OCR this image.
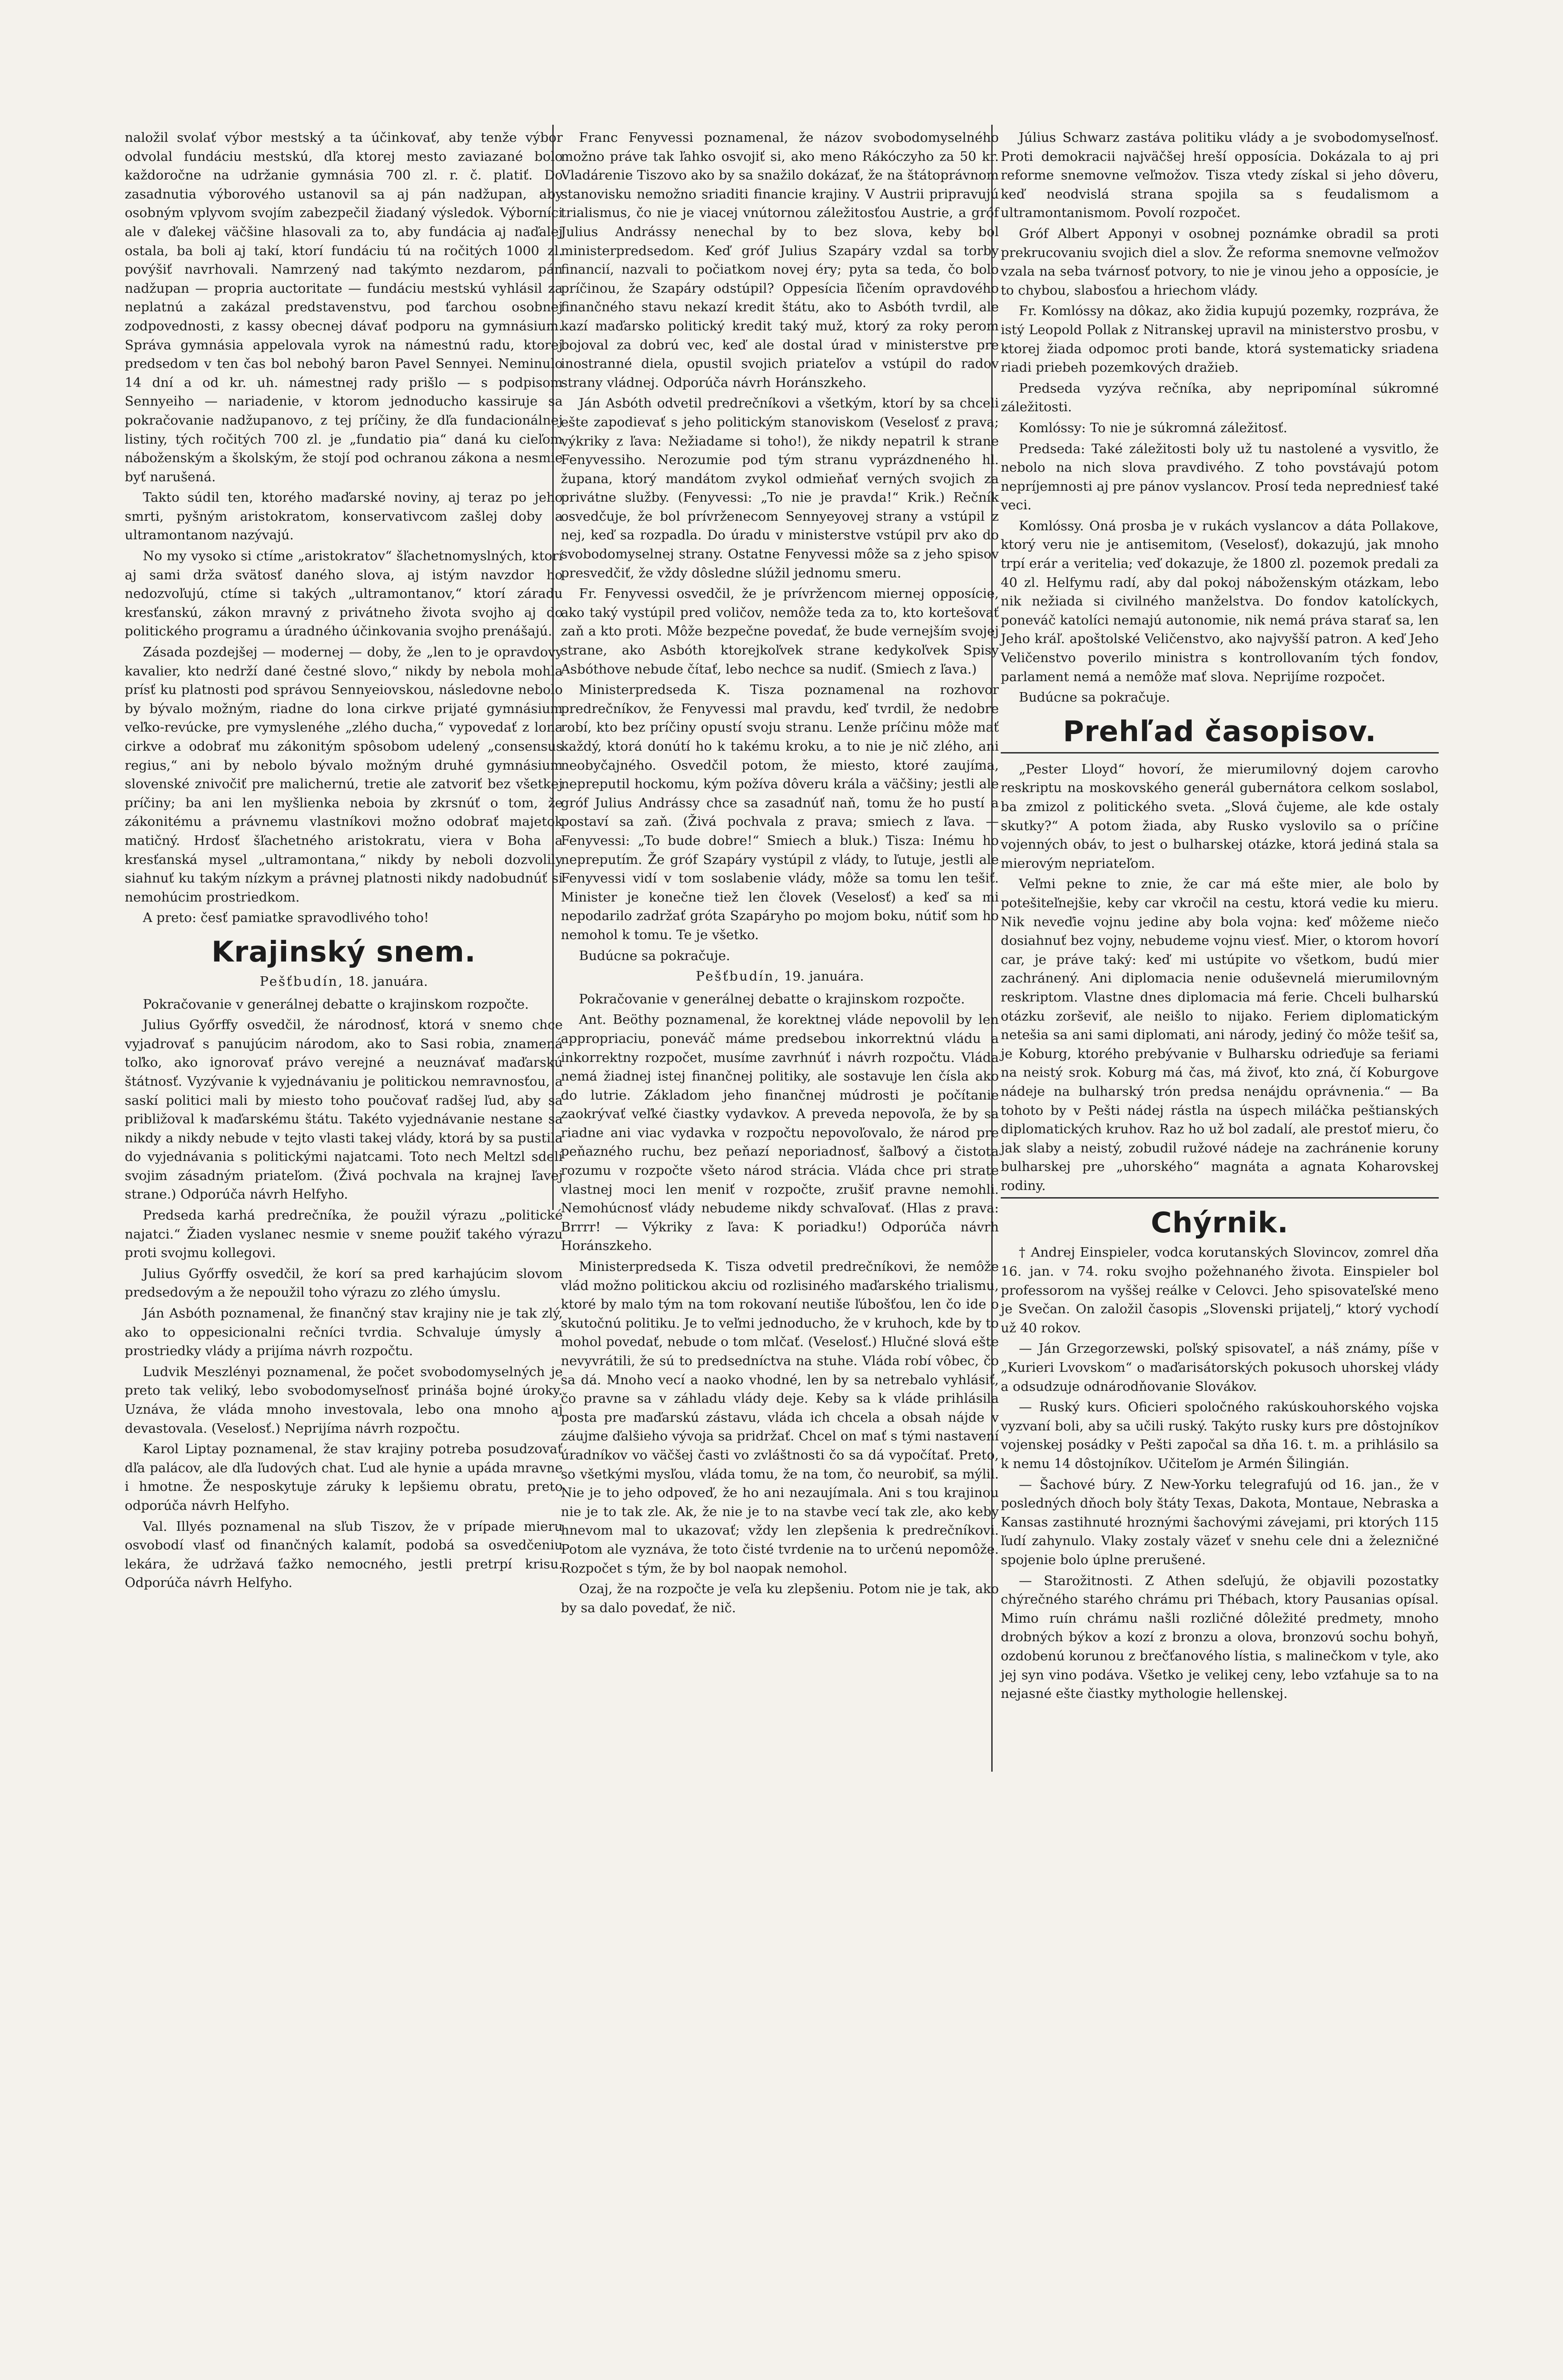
naložil svolať výbor mestský a ta účinkovať, aby tenže výbor odvolal fundáciu mestskú, dľa ktorej mesto zaviazané bolo každoročne na udržanie gymnásia 700 zl. r. č. platiť. Do zasadnutia výborového ustanovil sa aj pán nadžupan, aby osobným vplyvom svojím zabezpečil žiadaný výsledok. Výborníci ale v ďalekej väčšine hlasovali za to, aby fundácia aj naďalej ostala, ba boli aj takí, ktorí fundáciu tú na ročitých 1000 zl. povýšiť navrhovali. Namrzený nad takýmto nezdarom, pán nadžupan — propria auctoritate — fundáciu mestskú vyhlásil za neplatnú a zakázal predstavenstvu, pod ťarchou osobnej zodpovednosti, z kassy obecnej dávať podporu na gymnásium. Správa gymnásia appelovala vyrok na námestnú radu, ktorej predsedom v ten čas bol nebohý baron Pavel Sennyei. Neminulo 14 dní a od kr. uh. námestnej rady prišlo — s podpisom Sennyeiho — nariadenie, v ktorom jednoducho kassiruje sa pokračovanie nadžupanovo, z tej príčiny, že dľa fundacionálnej listiny, tých ročitých 700 zl. je „fundatio pia“ daná ku cieľom náboženským a školským, že stojí pod ochranou zákona a nesmie byť narušená.

Takto súdil ten, ktorého maďarské noviny, aj teraz po jeho smrti, pyšným aristokratom, konservativcom zašlej doby a ultramontanom nazývajú.

No my vysoko si ctíme „aristokratov“ šľachetnomyslných, ktorí aj sami drža svätosť daného slova, aj istým navzdor ho nedozvoľujú, ctíme si takých „ultramontanov,“ ktorí záradu kresťanskú, zákon mravný z privátneho života svojho aj do politického programu a úradného účinkovania svojho prenášajú.

Zásada pozdejšej — modernej — doby, že „len to je opravdovy kavalier, kto nedrží dané čestné slovo,“ nikdy by nebola mohla prísť ku platnosti pod správou Sennyeiovskou, následovne nebolo by bývalo možným, riadne do lona cirkve prijaté gymnásium veľko-revúcke, pre vymyslenéhe „zlého ducha,“ vypovedať z lona cirkve a odobrať mu zákonitým spôsobom udelený „consensus regius,“ ani by nebolo bývalo možným druhé gymnásium slovenské znivočiť pre malichernú, tretie ale zatvoriť bez všetkej príčiny; ba ani len myšlienka neboia by zkrsnúť o tom, že zákonitému a právnemu vlastníkovi možno odobrať majetok matičný. Hrdosť šľachetného aristokratu, viera v Boha a kresťanská mysel „ultramontana,“ nikdy by neboli dozvolily siahnuť ku takým nízkym a právnej platnosti nikdy nadobudnúť si nemohúcim prostriedkom.

A preto: česť pamiatke spravodlivého toho!

Krajinský snem.

Pešťbudín, 18. januára.

Pokračovanie v generálnej debatte o krajinskom rozpočte.

Julius Győrffy osvedčil, že národnosť, ktorá v snemo chce vyjadrovať s panujúcim národom, ako to Sasi robia, znamená toľko, ako ignorovať právo verejné a neuznávať maďarskú štátnosť. Vyzývanie k vyjednávaniu je politickou nemravnosťou, a saskí politici mali by miesto toho poučovať radšej ľud, aby sa približoval k maďarskému štátu. Takéto vyjednávanie nestane sa nikdy a nikdy nebude v tejto vlasti takej vlády, ktorá by sa pustila do vyjednávania s politickými najatcami. Toto nech Meltzl sdelí svojim zásadným priateľom. (Živá pochvala na krajnej ľavej strane.) Odporúča návrh Helfyho.

Predseda karhá predrečníka, že použil výrazu „politické najatci.“ Žiaden vyslanec nesmie v sneme použiť takého výrazu proti svojmu kollegovi.

Julius Győrffy osvedčil, že korí sa pred karhajúcim slovom predsedovým a že nepoužil toho výrazu zo zlého úmyslu.

Ján Asbóth poznamenal, že finančný stav krajiny nie je tak zlý, ako to oppesicionalni rečníci tvrdia. Schvaluje úmysly a prostriedky vlády a prijíma návrh rozpočtu.

Ludvik Meszlényi poznamenal, že počet svobodomyselných je preto tak veliký, lebo svobodomyseľnosť prináša bojné úroky. Uznáva, že vláda mnoho investovala, lebo ona mnoho aj devastovala. (Veselosť.) Neprijíma návrh rozpočtu.

Karol Liptay poznamenal, že stav krajiny potreba posudzovať dľa palácov, ale dľa ľudových chat. Ľud ale hynie a upáda mravne i hmotne. Že nesposkytuje záruky k lepšiemu obratu, preto odporúča návrh Helfyho.

Val. Illyés poznamenal na sľub Tiszov, že v prípade mieru osvobodí vlasť od finančných kalamít, podobá sa osvedčeniu lekára, že udržavá ťažko nemocného, jestli pretrpí krisu. Odporúča návrh Helfyho.

Franc Fenyvessi poznamenal, že názov svobodomyselného možno práve tak ľahko osvojiť si, ako meno Rákóczyho za 50 kr. Vladárenie Tiszovo ako by sa snažilo dokázať, že na štátoprávnom stanovisku nemožno sriaditi financie krajiny. V Austrii pripravujú trialismus, čo nie je viacej vnútornou záležitosťou Austrie, a gróf Julius Andrássy nenechal by to bez slova, keby bol ministerpredsedom. Keď gróf Julius Szapáry vzdal sa torby financií, nazvali to počiatkom novej éry; pyta sa teda, čo bolo príčinou, že Szapáry odstúpil? Oppesícia ľičením opravdového finančného stavu nekazí kredit štátu, ako to Asbóth tvrdil, ale kazí maďarsko politický kredit taký muž, ktorý za roky perom bojoval za dobrú vec, keď ale dostal úrad v ministerstve pre inostranné diela, opustil svojich priateľov a vstúpil do radov strany vládnej. Odporúča návrh Horánszkeho.

Ján Asbóth odvetil predrečníkovi a všetkým, ktorí by sa chceli ešte zapodievať s jeho politickým stanoviskom (Veselosť z prava; výkriky z ľava: Nežiadame si toho!), že nikdy nepatril k strane Fenyvessiho. Nerozumie pod tým stranu vyprázdneného hl. župana, ktorý mandátom zvykol odmieňať verných svojich za privátne služby. (Fenyvessi: „To nie je pravda!“ Krik.) Rečník osvedčuje, že bol prívrženecom Sennyeyovej strany a vstúpil z nej, keď sa rozpadla. Do úradu v ministerstve vstúpil prv ako do svobodomyselnej strany. Ostatne Fenyvessi môže sa z jeho spisov presvedčiť, že vždy dôsledne slúžil jednomu smeru.

Fr. Fenyvessi osvedčil, že je prívržencom miernej opposície, ako taký vystúpil pred voličov, nemôže teda za to, kto kortešovať zaň a kto proti. Môže bezpečne povedať, že bude vernejším svojej strane, ako Asbóth ktorejkoľvek strane kedykoľvek Spisy Asbóthove nebude čítať, lebo nechce sa nudiť. (Smiech z ľava.)

Ministerpredseda K. Tisza poznamenal na rozhovor predrečníkov, že Fenyvessi mal pravdu, keď tvrdil, že nedobre robí, kto bez príčiny opustí svoju stranu. Lenže príčinu môže mať každý, ktorá donútí ho k takému kroku, a to nie je nič zlého, ani neobyčajného. Osvedčil potom, že miesto, ktoré zaujíma, nepreputil hockomu, kým požíva dôveru krála a väčšiny; jestli ale gróf Julius Andrássy chce sa zasadnúť naň, tomu že ho pustí a postaví sa zaň. (Živá pochvala z prava; smiech z ľava. — Fenyvessi: „To bude dobre!“ Smiech a bluk.) Tisza: Inému ho nepreputím. Že gróf Szapáry vystúpil z vlády, to ľutuje, jestli ale Fenyvessi vidí v tom soslabenie vlády, môže sa tomu len tešiť. Minister je konečne tiež len človek (Veselosť) a keď sa mi nepodarilo zadržať gróta Szapáryho po mojom boku, nútiť som ho nemohol k tomu. Te je všetko.

Budúcne sa pokračuje.

Pešťbudín, 19. januára.

Pokračovanie v generálnej debatte o krajinskom rozpočte.

Ant. Beöthy poznamenal, že korektnej vláde nepovolil by len appropriaciu, poneváč máme predsebou inkorrektnú vládu a inkorrektny rozpočet, musíme zavrhnúť i návrh rozpočtu. Vláda nemá žiadnej istej finančnej politiky, ale sostavuje len čísla ako do lutrie. Základom jeho finančnej múdrosti je počítanie zaokrývať veľké čiastky vydavkov. A preveda nepovoľa, že by sa riadne ani viac vydavka v rozpočtu nepovoľovalo, že národ pre peňazného ruchu, bez peňazí neporiadnosť, šaľbový a čistota rozumu v rozpočte všeto národ strácia. Vláda chce pri strate vlastnej moci len meniť v rozpočte, zrušiť pravne nemohli. Nemohúcnosť vlády nebudeme nikdy schvaľovať. (Hlas z prava: Brrrr! — Výkriky z ľava: K poriadku!) Odporúča návrh Horánszkeho.

Ministerpredseda K. Tisza odvetil predrečníkovi, že nemôže vlád možno politickou akciu od rozlisiného maďarského trialismu, ktoré by malo tým na tom rokovaní neutiše ľúbošťou, len čo ide o skutočnú politiku. Je to veľmi jednoducho, že v kruhoch, kde by to mohol povedať, nebude o tom mlčať. (Veselosť.) Hlučné slová ešte nevyvrátili, že sú to predsedníctva na stuhe. Vláda robí vôbec, čo sa dá. Mnoho vecí a naoko vhodné, len by sa netrebalo vyhlásiť, čo pravne sa v záhladu vlády deje. Keby sa k vláde prihlásila posta pre maďarskú zástavu, vláda ich chcela a obsah nájde v záujme ďalšieho vývoja sa pridržať. Chcel on mať s tými nastavení úradníkov vo väčšej časti vo zvláštnosti čo sa dá vypočítať. Preto, so všetkými mysľou, vláda tomu, že na tom, čo neurobiť, sa mýlil. Nie je to jeho odpoveď, že ho ani nezaujímala. Ani s tou krajinou nie je to tak zle. Ak, že nie je to na stavbe vecí tak zle, ako keby hnevom mal to ukazovať; vždy len zlepšenia k predrečníkovi. Potom ale vyznáva, že toto čisté tvrdenie na to určenú nepomôže. Rozpočet s tým, že by bol naopak nemohol.

Ozaj, že na rozpočte je veľa ku zlepšeniu. Potom nie je tak, ako by sa dalo povedať, že nič.

Július Schwarz zastáva politiku vlády a je svobodomyseľnosť. Proti demokracii najväčšej hreší opposícia. Dokázala to aj pri reforme snemovne veľmožov. Tisza vtedy získal si jeho dôveru, keď neodvislá strana spojila sa s feudalismom a ultramontanismom. Povolí rozpočet.

Gróf Albert Apponyi v osobnej poznámke obradil sa proti prekrucovaniu svojich diel a slov. Že reforma snemovne veľmožov vzala na seba tvárnosť potvory, to nie je vinou jeho a opposície, je to chybou, slabosťou a hriechom vlády.

Fr. Komlóssy na dôkaz, ako židia kupujú pozemky, rozpráva, že istý Leopold Pollak z Nitranskej upravil na ministerstvo prosbu, v ktorej žiada odpomoc proti bande, ktorá systematicky sriadena riadi priebeh pozemkových dražieb.

Predseda vyzýva rečníka, aby nepripomínal súkromné záležitosti.

Komlóssy: To nie je súkromná záležitosť.

Predseda: Také záležitosti boly už tu nastolené a vysvitlo, že nebolo na nich slova pravdivého. Z toho povstávajú potom nepríjemnosti aj pre pánov vyslancov. Prosí teda nepredniesť také veci.

Komlóssy. Oná prosba je v rukách vyslancov a dáta Pollakove, ktorý veru nie je antisemitom, (Veselosť), dokazujú, jak mnoho trpí erár a veritelia; veď dokazuje, že 1800 zl. pozemok predali za 40 zl. Helfymu radí, aby dal pokoj náboženským otázkam, lebo nik nežiada si civilného manželstva. Do fondov katolíckych, poneváč katolíci nemajú autonomie, nik nemá práva starať sa, len Jeho kráľ. apoštolské Veličenstvo, ako najvyšší patron. A keď Jeho Veličenstvo poverilo ministra s kontrollovaním tých fondov, parlament nemá a nemôže mať slova. Neprijíme rozpočet.

Budúcne sa pokračuje.

Prehľad časopisov.

„Pester Lloyd“ hovorí, že mierumilovný dojem carovho reskriptu na moskovského generál gubernátora celkom soslabol, ba zmizol z politického sveta. „Slová čujeme, ale kde ostaly skutky?“ A potom žiada, aby Rusko vyslovilo sa o príčine vojenných obáv, to jest o bulharskej otázke, ktorá jediná stala sa mierovým nepriateľom.

Veľmi pekne to znie, že car má ešte mier, ale bolo by potešiteľnejšie, keby car vkročil na cestu, ktorá vedie ku mieru. Nik neveďie vojnu jedine aby bola vojna: keď môžeme niečo dosiahnuť bez vojny, nebudeme vojnu viesť. Mier, o ktorom hovorí car, je práve taký: keď mi ustúpite vo všetkom, budú mier zachránený. Ani diplomacia nenie oduševnelá mierumilovným reskriptom. Vlastne dnes diplomacia má ferie. Chceli bulharskú otázku zorševiť, ale neišlo to nijako. Feriem diplomatickým netešia sa ani sami diplomati, ani národy, jediný čo môže tešiť sa, je Koburg, ktorého prebývanie v Bulharsku odrieďuje sa feriami na neistý srok. Koburg má čas, má živoť, kto zná, čí Koburgove nádeje na bulharský trón predsa nenájdu oprávnenia.“ — Ba tohoto by v Pešti nádej rástla na úspech miláčka peštianských diplomatických kruhov. Raz ho už bol zadalí, ale prestoť mieru, čo jak slaby a neistý, zobudil ružové nádeje na zachránenie koruny bulharskej pre „uhorského“ magnáta a agnata Koharovskej rodiny.

Chýrnik.

† Andrej Einspieler, vodca korutanských Slovincov, zomrel dňa 16. jan. v 74. roku svojho požehnaného života. Einspieler bol professorom na vyššej reálke v Celovci. Jeho spisovateľské meno je Svečan. On založil časopis „Slovenski prijatelj,“ ktorý vychodí už 40 rokov.

— Ján Grzegorzewski, poľský spisovateľ, a náš známy, píše v „Kurieri Lvovskom“ o maďarisátorských pokusoch uhorskej vlády a odsudzuje odnárodňovanie Slovákov.

— Ruský kurs. Oficieri spoločného rakúskouhorského vojska vyzvaní boli, aby sa učili ruský. Takýto rusky kurs pre dôstojníkov vojenskej posádky v Pešti započal sa dňa 16. t. m. a prihlásilo sa k nemu 14 dôstojníkov. Učiteľom je Armén Šilingián.

— Šachové búry. Z New-Yorku telegrafujú od 16. jan., že v posledných dňoch boly štáty Texas, Dakota, Montaue, Nebraska a Kansas zastihnuté hroznými šachovými závejami, pri ktorých 115 ľudí zahynulo. Vlaky zostaly väzeť v snehu cele dni a železničné spojenie bolo úplne prerušené.

— Starožitnosti. Z Athen sdeľujú, že objavili pozostatky chýrečného starého chrámu pri Thébach, ktory Pausanias opísal. Mimo ruín chrámu našli rozličné dôležité predmety, mnoho drobných býkov a kozí z bronzu a olova, bronzovú sochu bohyň, ozdobenú korunou z brečťanového lístia, s malinečkom v tyle, ako jej syn vino podáva. Všetko je velikej ceny, lebo vzťahuje sa to na nejasné ešte čiastky mythologie hellenskej.
